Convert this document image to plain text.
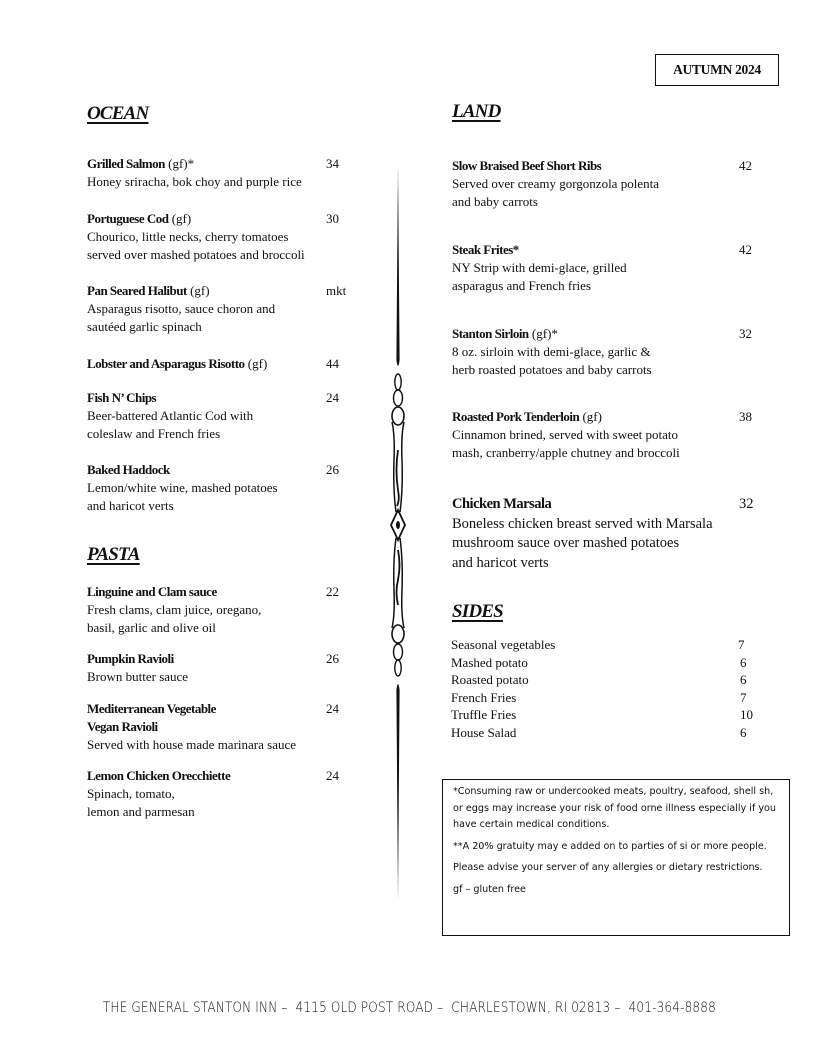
AUTUMN 2024
OCEAN
PASTA
LAND
SIDES
Grilled Salmon (gf)*
Honey sriracha, bok choy and purple rice
34
Portuguese Cod (gf)
Chourico, little necks, cherry tomatoes
served over mashed potatoes and broccoli
30
Pan Seared Halibut (gf)
Asparagus risotto, sauce choron and
sautéed garlic spinach
mkt
Lobster and Asparagus Risotto (gf)	44
Fish N’ Chips
Beer-battered Atlantic Cod with
coleslaw and French fries
24
Baked Haddock
Lemon/white wine, mashed potatoes
and haricot verts
26
Linguine and Clam sauce
Fresh clams, clam juice, oregano,
basil, garlic and olive oil
22
Pumpkin Ravioli
Brown butter sauce
26
Mediterranean Vegetable
Vegan Ravioli
Served with house made marinara sauce
24
Lemon Chicken Orecchiette
Spinach, tomato,
lemon and parmesan
24
Slow Braised Beef Short Ribs
Served over creamy gorgonzola polenta
and baby carrots
42
Steak Frites*
NY Strip with demi-glace, grilled
asparagus and French fries
42
Stanton Sirloin (gf)*
8 oz. sirloin with demi-glace, garlic &
herb roasted potatoes and baby carrots
32
Roasted Pork Tenderloin (gf)
Cinnamon brined, served with sweet potato
mash, cranberry/apple chutney and broccoli
38
Chicken Marsala
Boneless chicken breast served with Marsala
mushroom sauce over mashed potatoes
and haricot verts
32
Seasonal vegetables	7
Mashed potato	6
Roasted potato	6
French Fries	7
Truffle Fries	10
House Salad	6

*Consuming raw or undercooked meats, poultry, seafood, shell sh, or eggs may increase your risk of food orne illness especially if you have certain medical conditions.

**A 20% gratuity may e added on to parties of si or more people.

Please advise your server of any allergies or dietary restrictions.

gf – gluten free

THE GENERAL STANTON INN –  4115 OLD POST ROAD –  CHARLESTOWN, RI 02813 –  401-364-8888
